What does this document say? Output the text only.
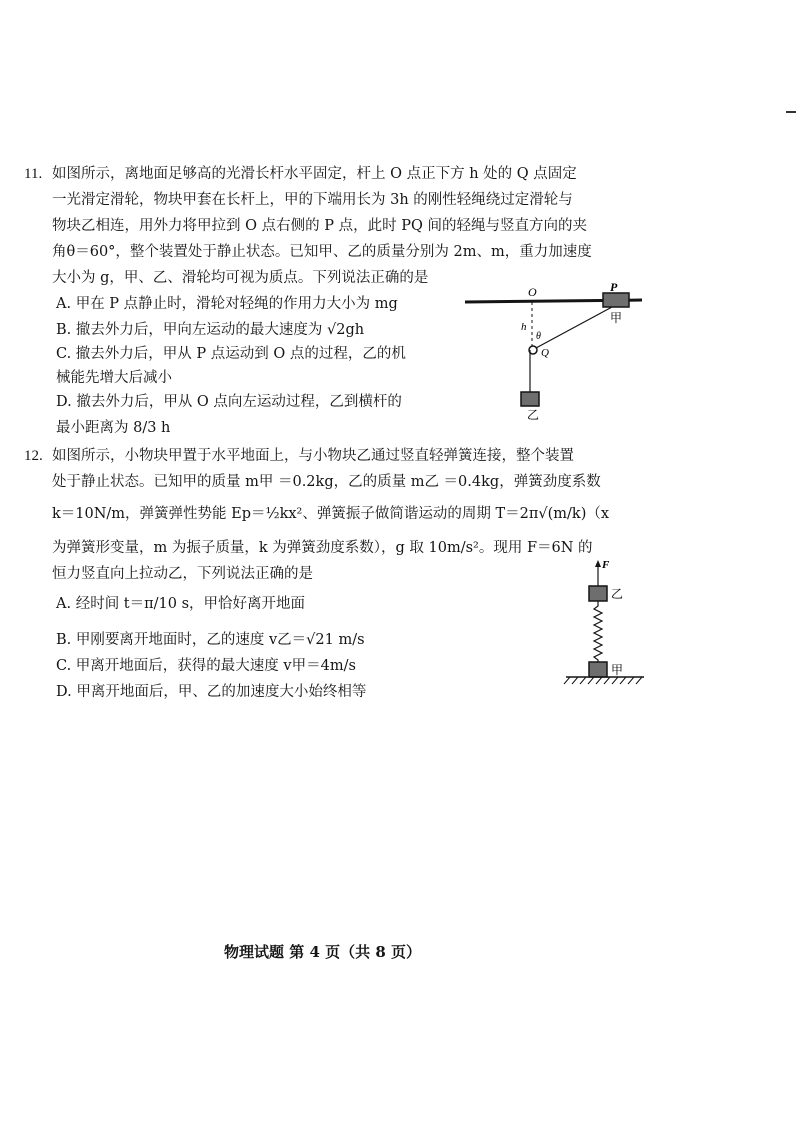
11. 如图所示，离地面足够高的光滑长杆水平固定，杆上 O 点正下方 h 处的 Q 点固定
一光滑定滑轮，物块甲套在长杆上，甲的下端用长为 3h 的刚性轻绳绕过定滑轮与
物块乙相连，用外力将甲拉到 O 点右侧的 P 点，此时 PQ 间的轻绳与竖直方向的夹
角θ＝60°，整个装置处于静止状态。已知甲、乙的质量分别为 2m、m，重力加速度
大小为 g，甲、乙、滑轮均可视为质点。下列说法正确的是
A. 甲在 P 点静止时，滑轮对轻绳的作用力大小为 mg
B. 撤去外力后，甲向左运动的最大速度为 √2gh
C. 撤去外力后，甲从 P 点运动到 O 点的过程，乙的机
械能先增大后减小
D. 撤去外力后，甲从 O 点向左运动过程，乙到横杆的
最小距离为 8/3 h
O	P
甲
h
θ
Q
乙
12. 如图所示，小物块甲置于水平地面上，与小物块乙通过竖直轻弹簧连接，整个装置
处于静止状态。已知甲的质量 m甲 ＝0.2kg，乙的质量 m乙 ＝0.4kg，弹簧劲度系数
k＝10N/m，弹簧弹性势能 Ep＝½kx²、弹簧振子做简谐运动的周期 T＝2π√(m/k)（x
为弹簧形变量，m 为振子质量，k 为弹簧劲度系数），g 取 10m/s²。现用 F＝6N 的
恒力竖直向上拉动乙，下列说法正确的是
A. 经时间 t＝π/10 s，甲恰好离开地面
B. 甲刚要离开地面时，乙的速度 v乙＝√21 m/s
C. 甲离开地面后，获得的最大速度 v甲＝4m/s
D. 甲离开地面后，甲、乙的加速度大小始终相等
F
乙
甲
物理试题 第 4 页（共 8 页）
